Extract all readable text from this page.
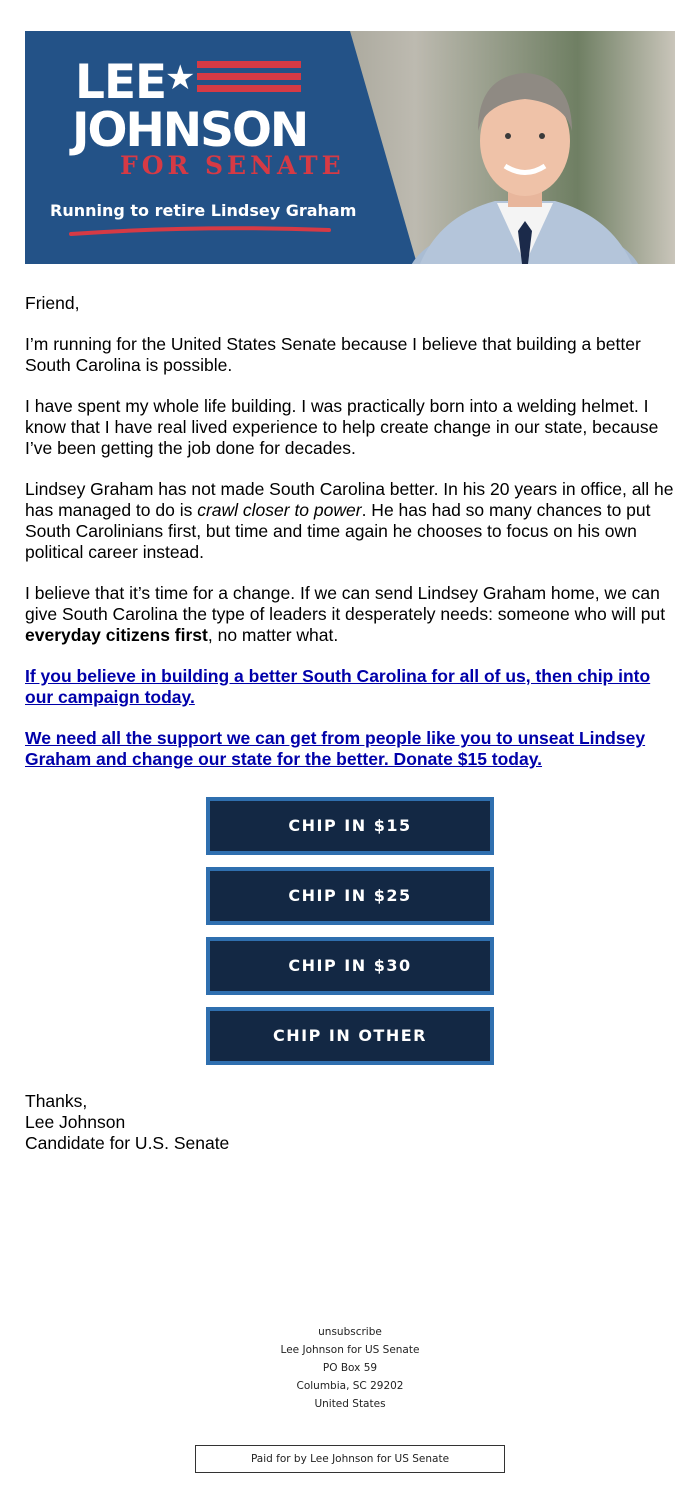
LEE
★
JOHNSON
FOR SENATE
Running to retire Lindsey Graham

Friend,

I’m running for the United States Senate because I believe that building a better South Carolina is possible.

I have spent my whole life building. I was practically born into a welding helmet. I know that I have real lived experience to help create change in our state, because I’ve been getting the job done for decades.

Lindsey Graham has not made South Carolina better. In his 20 years in office, all he has managed to do is crawl closer to power. He has had so many chances to put South Carolinians first, but time and time again he chooses to focus on his own political career instead.

I believe that it’s time for a change. If we can send Lindsey Graham home, we can give South Carolina the type of leaders it desperately needs: someone who will put everyday citizens first, no matter what.

If you believe in building a better South Carolina for all of us, then chip into our campaign today.

We need all the support we can get from people like you to unseat Lindsey Graham and change our state for the better. Donate $15 today.

CHIP IN $15
CHIP IN $25
CHIP IN $30
CHIP IN OTHER
Thanks,
Lee Johnson
Candidate for U.S. Senate
unsubscribe
Lee Johnson for US Senate
PO Box 59
Columbia, SC 29202
United States
Paid for by Lee Johnson for US Senate
